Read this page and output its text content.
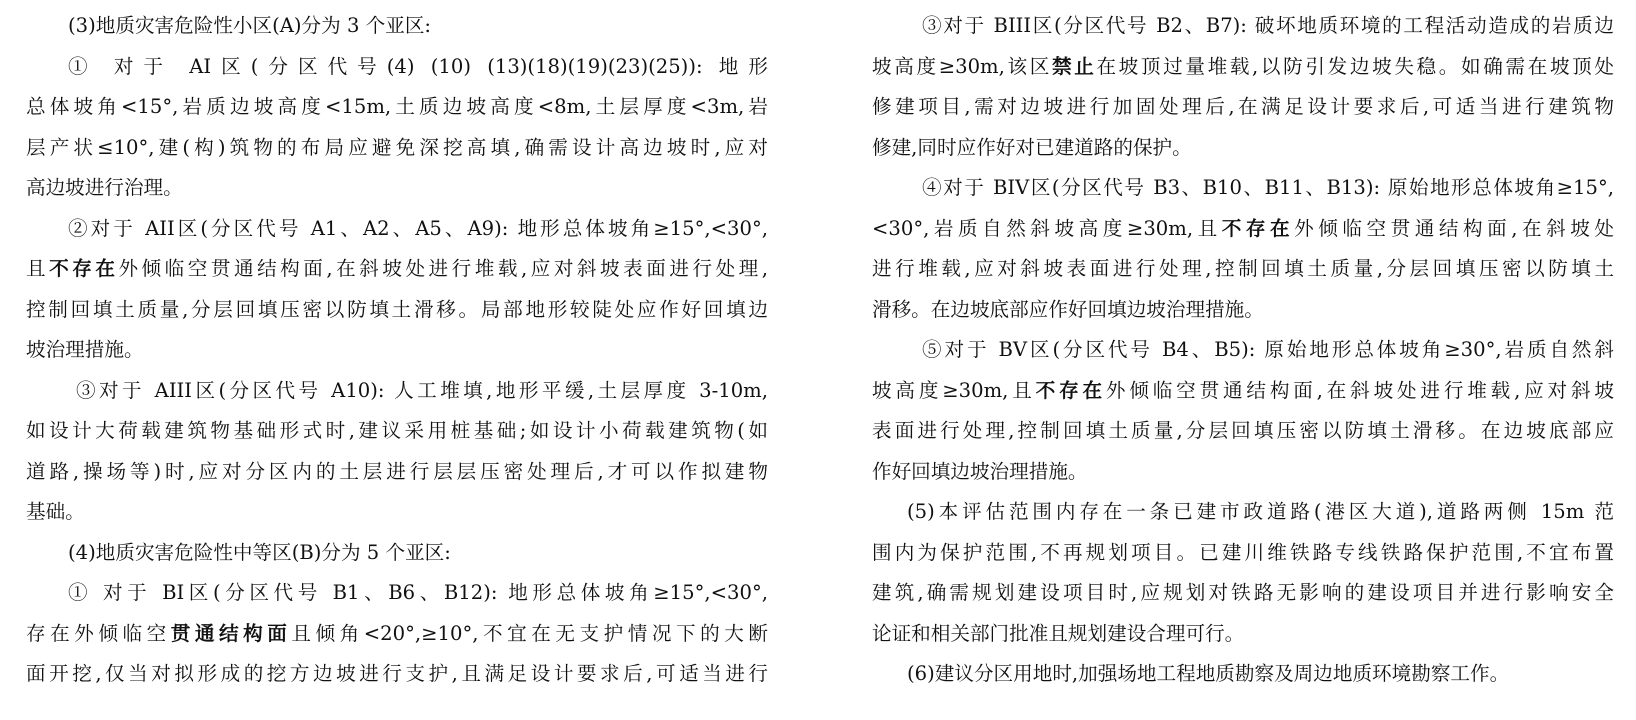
(3)地质灾害危险性小区(A)分为 3 个亚区:
① 对于 AI区(分区代号(4) (10) (13)(18)(19)(23)(25)): 地形
总体坡角<15°,岩质边坡高度<15m,土质边坡高度<8m,土层厚度<3m,岩
层产状≤10°,建(构)筑物的布局应避免深挖高填,确需设计高边坡时,应对
高边坡进行治理。
②对于 AII区(分区代号 A1、A2、A5、A9): 地形总体坡角≥15°,<30°,
且不存在外倾临空贯通结构面,在斜坡处进行堆载,应对斜坡表面进行处理,
控制回填土质量,分层回填压密以防填土滑移。局部地形较陡处应作好回填边
坡治理措施。
③对于 AIII区(分区代号 A10): 人工堆填,地形平缓,土层厚度 3-10m,
如设计大荷载建筑物基础形式时,建议采用桩基础;如设计小荷载建筑物(如
道路,操场等)时,应对分区内的土层进行层层压密处理后,才可以作拟建物
基础。
(4)地质灾害危险性中等区(B)分为 5 个亚区:
① 对于 BI区(分区代号 B1、B6、B12): 地形总体坡角≥15°,<30°,
存在外倾临空贯通结构面且倾角<20°,≥10°,不宜在无支护情况下的大断
面开挖,仅当对拟形成的挖方边坡进行支护,且满足设计要求后,可适当进行
③对于 BIII区(分区代号 B2、B7): 破坏地质环境的工程活动造成的岩质边
坡高度≥30m,该区禁止在坡顶过量堆载,以防引发边坡失稳。如确需在坡顶处
修建项目,需对边坡进行加固处理后,在满足设计要求后,可适当进行建筑物
修建,同时应作好对已建道路的保护。
④对于 BIV区(分区代号 B3、B10、B11、B13): 原始地形总体坡角≥15°,
<30°,岩质自然斜坡高度≥30m,且不存在外倾临空贯通结构面,在斜坡处
进行堆载,应对斜坡表面进行处理,控制回填土质量,分层回填压密以防填土
滑移。在边坡底部应作好回填边坡治理措施。
⑤对于 BV区(分区代号 B4、B5): 原始地形总体坡角≥30°,岩质自然斜
坡高度≥30m,且不存在外倾临空贯通结构面,在斜坡处进行堆载,应对斜坡
表面进行处理,控制回填土质量,分层回填压密以防填土滑移。在边坡底部应
作好回填边坡治理措施。
(5)本评估范围内存在一条已建市政道路(港区大道),道路两侧 15m 范
围内为保护范围,不再规划项目。已建川维铁路专线铁路保护范围,不宜布置
建筑,确需规划建设项目时,应规划对铁路无影响的建设项目并进行影响安全
论证和相关部门批准且规划建设合理可行。
(6)建议分区用地时,加强场地工程地质勘察及周边地质环境勘察工作。
